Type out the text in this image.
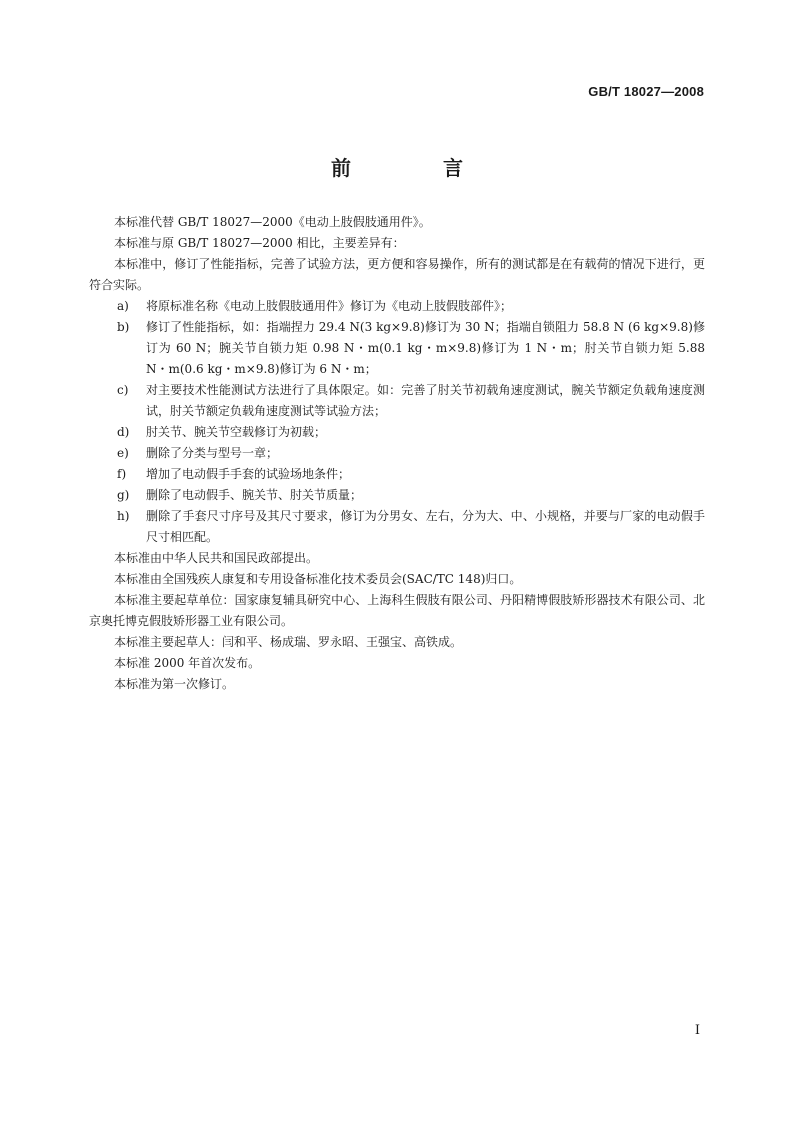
GB/T 18027—2008
前　言

本标准代替 GB/T 18027—2000《电动上肢假肢通用件》。

本标准与原 GB/T 18027—2000 相比，主要差异有：

本标准中，修订了性能指标，完善了试验方法，更方便和容易操作，所有的测试都是在有载荷的情况下进行，更符合实际。

a) 将原标准名称《电动上肢假肢通用件》修订为《电动上肢假肢部件》；
b) 修订了性能指标，如：指端捏力 29.4 N(3 kg×9.8)修订为 30 N；指端自锁阻力 58.8 N (6 kg×9.8)修订为 60 N；腕关节自锁力矩 0.98 N・m(0.1 kg・m×9.8)修订为 1 N・m；肘关节自锁力矩 5.88 N・m(0.6 kg・m×9.8)修订为 6 N・m；
c) 对主要技术性能测试方法进行了具体限定。如：完善了肘关节初载角速度测试，腕关节额定负载角速度测试，肘关节额定负载角速度测试等试验方法；
d) 肘关节、腕关节空载修订为初载；
e) 删除了分类与型号一章；
f) 增加了电动假手手套的试验场地条件；
g) 删除了电动假手、腕关节、肘关节质量；
h) 删除了手套尺寸序号及其尺寸要求，修订为分男女、左右，分为大、中、小规格，并要与厂家的电动假手尺寸相匹配。

本标准由中华人民共和国民政部提出。

本标准由全国残疾人康复和专用设备标准化技术委员会(SAC/TC 148)归口。

本标准主要起草单位：国家康复辅具研究中心、上海科生假肢有限公司、丹阳精博假肢矫形器技术有限公司、北京奥托博克假肢矫形器工业有限公司。

本标准主要起草人：闫和平、杨成瑞、罗永昭、王强宝、高铁成。

本标准 2000 年首次发布。

本标准为第一次修订。

I
